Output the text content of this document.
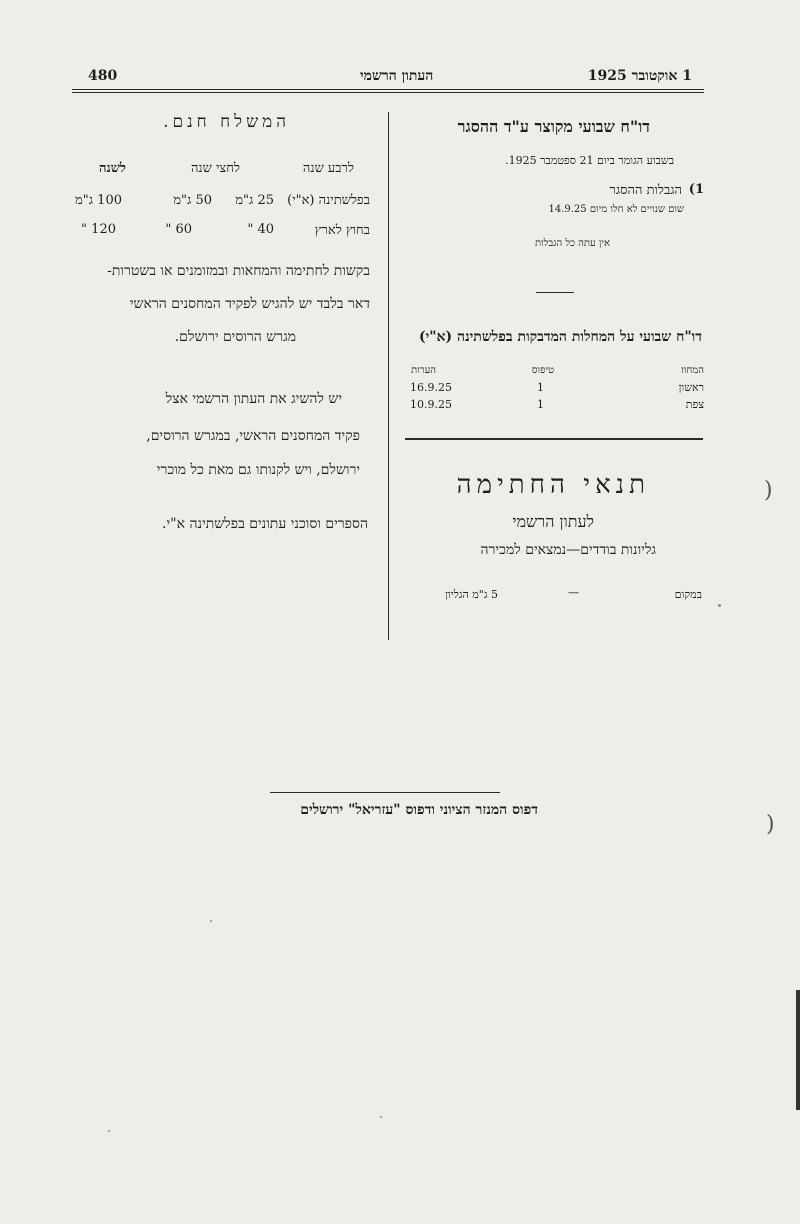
1 אוקטובר 1925
העתון הרשמי
480
דו"ח שבועי מקוצר ע"ד ההסגר
בשבוע הגומר ביום 21 ספטמבר 1925.
1)
הגבלות ההסגר
שום שנויים לא חלו מיום 14.9.25
אין עתה כל הגבלות
דו"ח שבועי על המחלות המדבקות בפלשתינה (א"י)
המחוז
טיפוס
הערות
ראשון
1
16.9.25
צפת
1
10.9.25
תנאי החתימה
לעתון הרשמי
גליונות בודדים—נמצאים למכירה
במקום
—
5 ג"מ הגליון
המשלח חנם.
לרבע שנה
לחצי שנה
לשנה
בפלשתינה (א"י)
25 ג"מ
50 ג"מ
100 ג"מ
בחוץ לארץ
40 "
60 "
120 "
בקשות לחתימה והמחאות ובמזומנים או בשטרות-
דאר בלבד יש להגיש לפקיד המחסנים הראשי
מגרש הרוסים ירושלם.
יש להשיג את העתון הרשמי אצל
פקיד המחסנים הראשי, במגרש הרוסים,
ירושלם, ויש לקנותו גם מאת כל מוכרי
הספרים וסוכני עתונים בפלשתינה א"י.
דפוס המנזר הציוני ודפוס "עזריאל" ירושלים
)
)
